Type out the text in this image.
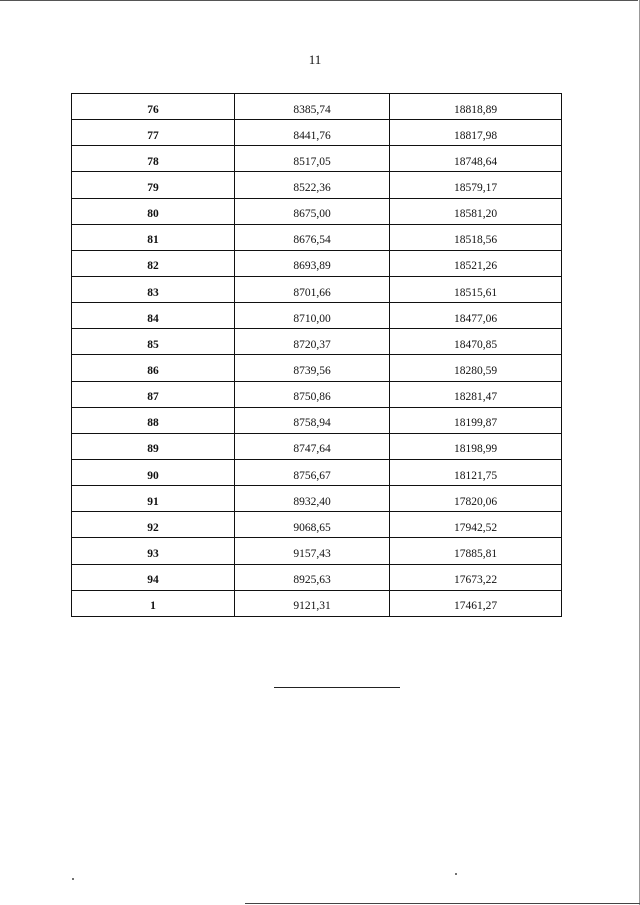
11
76	8385,74	18818,89
77	8441,76	18817,98
78	8517,05	18748,64
79	8522,36	18579,17
80	8675,00	18581,20
81	8676,54	18518,56
82	8693,89	18521,26
83	8701,66	18515,61
84	8710,00	18477,06
85	8720,37	18470,85
86	8739,56	18280,59
87	8750,86	18281,47
88	8758,94	18199,87
89	8747,64	18198,99
90	8756,67	18121,75
91	8932,40	17820,06
92	9068,65	17942,52
93	9157,43	17885,81
94	8925,63	17673,22
1	9121,31	17461,27
